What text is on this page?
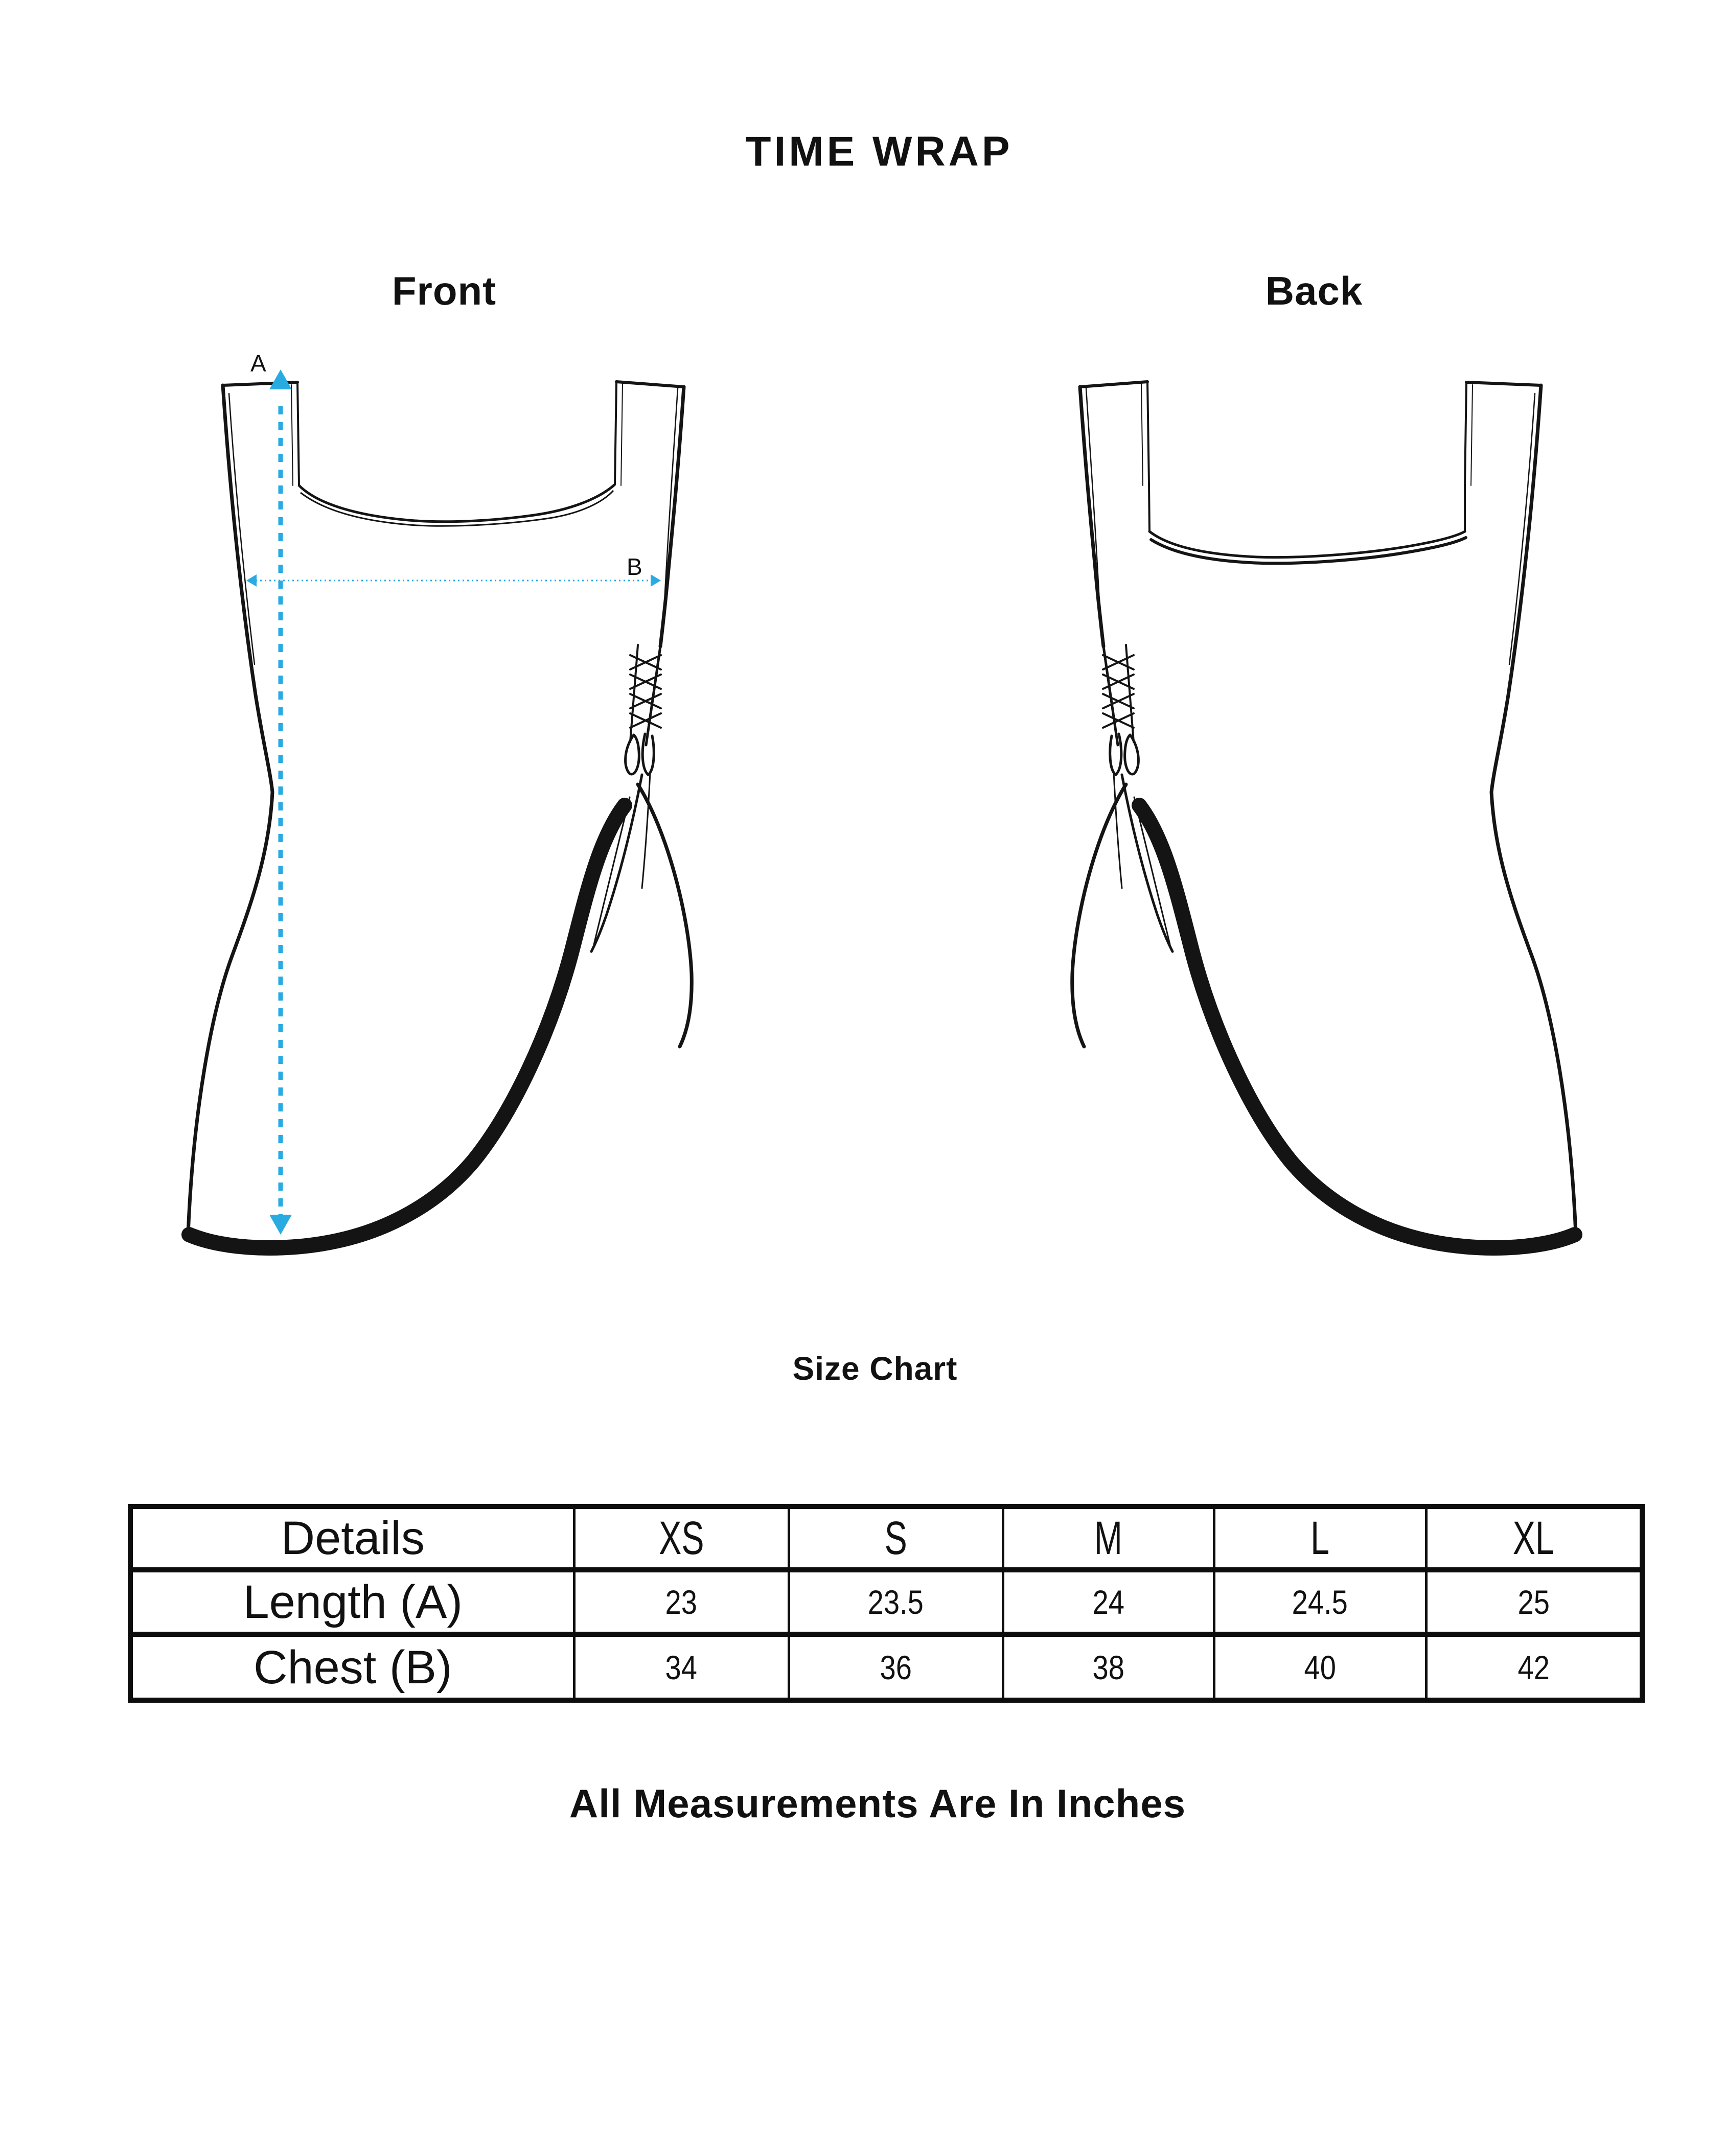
TIME WRAP
Front	Back
A
B
Size Chart
Details	XS	S	M	L	XL
Length (A)	23	23.5	24	24.5	25
Chest (B)	34	36	38	40	42
All Measurements Are In Inches
